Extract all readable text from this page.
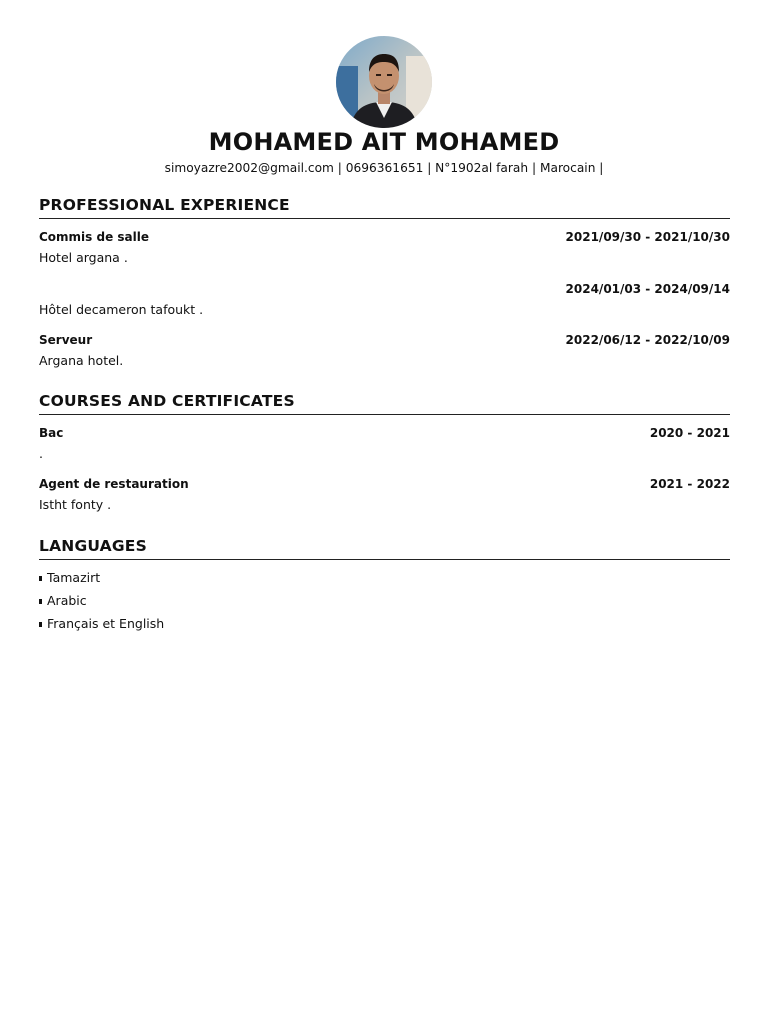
MOHAMED AIT MOHAMED
simoyazre2002@gmail.com | 0696361651 | N°1902al farah | Marocain |
PROFESSIONAL EXPERIENCE
Commis de salle	2021/09/30 - 2021/10/30
Hotel argana .
2024/01/03 - 2024/09/14
Hôtel decameron tafoukt .
Serveur	2022/06/12 - 2022/10/09
Argana hotel.
COURSES AND CERTIFICATES
Bac	2020 - 2021
.
Agent de restauration	2021 - 2022
Istht fonty .
LANGUAGES
Tamazirt
Arabic
Français et English
